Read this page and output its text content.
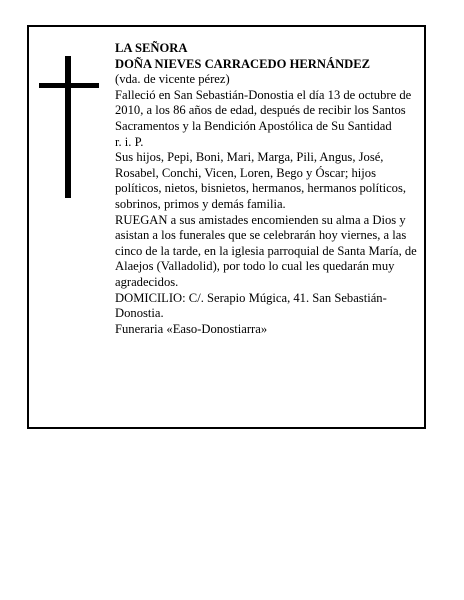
LA SEÑORA

DOÑA NIEVES CARRACEDO HERNÁNDEZ

(vda. de vicente pérez)

Falleció en San Sebastián-Donostia el día 13 de octubre de 2010, a los 86 años de edad, después de recibir los Santos Sacramentos y la Bendición Apostólica de Su Santidad

r. i. P.

Sus hijos, Pepi, Boni, Mari, Marga, Pili, Angus, José, Rosabel, Conchi, Vicen, Loren, Bego y Óscar; hijos políticos, nietos, bisnietos, hermanos, hermanos políticos, sobrinos, primos y demás familia.

RUEGAN a sus amistades encomienden su alma a Dios y asistan a los funerales que se celebrarán hoy viernes, a las cinco de la tarde, en la iglesia parroquial de Santa María, de Alaejos (Valladolid), por todo lo cual les quedarán muy agradecidos.

DOMICILIO: C/. Serapio Múgica, 41. San Sebastián-Donostia.

Funeraria «Easo-Donostiarra»
